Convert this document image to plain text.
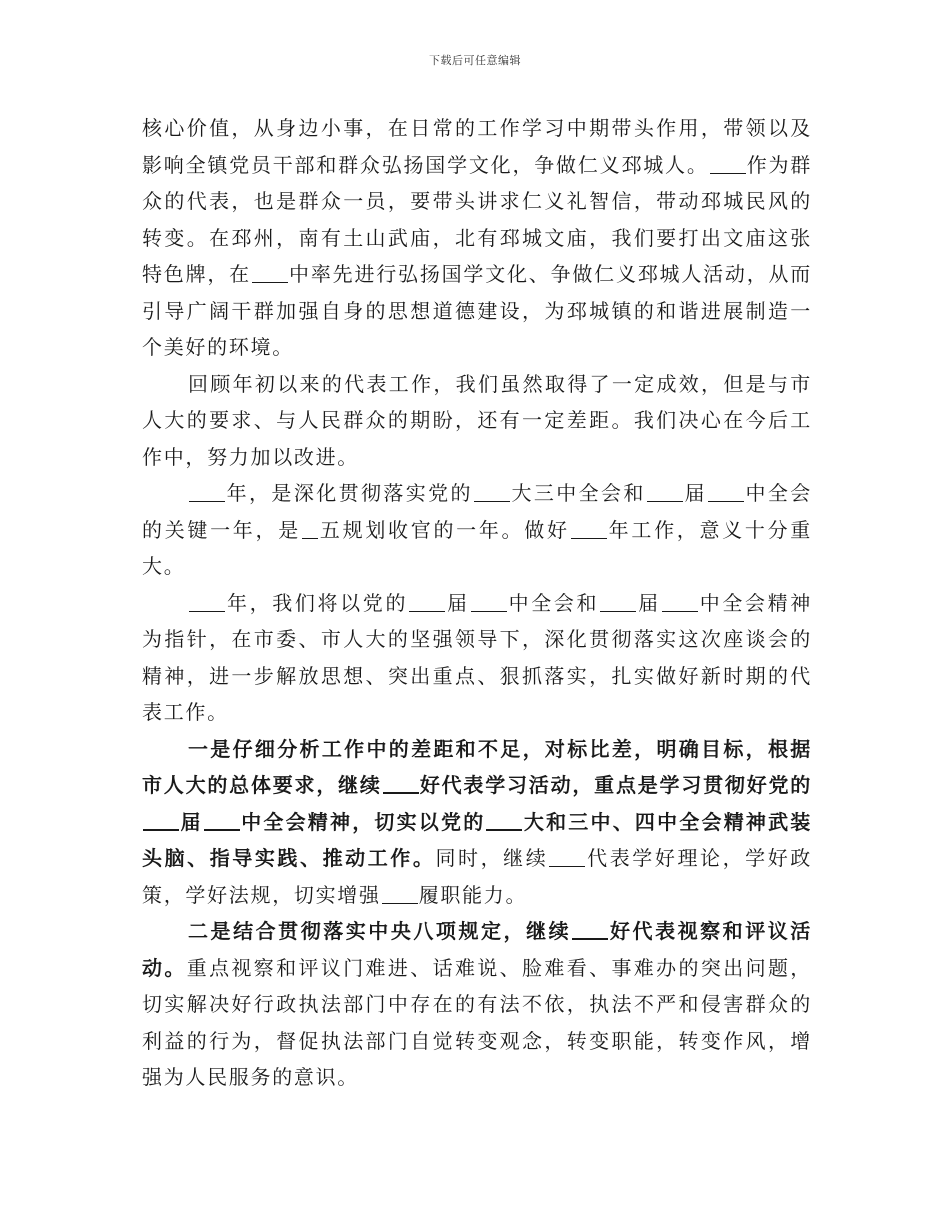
下载后可任意编辑

核心价值，从身边小事，在日常的工作学习中期带头作用，带领以及影响全镇党员干部和群众弘扬国学文化，争做仁义邳城人。 作为群众的代表，也是群众一员，要带头讲求仁义礼智信，带动邳城民风的转变。在邳州，南有土山武庙，北有邳城文庙，我们要打出文庙这张特色牌，在 中率先进行弘扬国学文化、争做仁义邳城人活动，从而引导广阔干群加强自身的思想道德建设，为邳城镇的和谐进展制造一个美好的环境。

回顾年初以来的代表工作，我们虽然取得了一定成效，但是与市人大的要求、与人民群众的期盼，还有一定差距。我们决心在今后工作中，努力加以改进。

年，是深化贯彻落实党的 大三中全会和 届 中全会的关键一年，是 五规划收官的一年。做好 年工作，意义十分重大。

年，我们将以党的 届 中全会和 届 中全会精神为指针，在市委、市人大的坚强领导下，深化贯彻落实这次座谈会的精神，进一步解放思想、突出重点、狠抓落实，扎实做好新时期的代表工作。

一是仔细分析工作中的差距和不足，对标比差，明确目标，根据市人大的总体要求，继续 好代表学习活动，重点是学习贯彻好党的届 中全会精神，切实以党的 大和三中、四中全会精神武装头脑、指导实践、推动工作。同时，继续 代表学好理论，学好政策，学好法规，切实增强 履职能力。

二是结合贯彻落实中央八项规定，继续 好代表视察和评议活动。重点视察和评议门难进、话难说、脸难看、事难办的突出问题，切实解决好行政执法部门中存在的有法不依，执法不严和侵害群众的利益的行为，督促执法部门自觉转变观念，转变职能，转变作风，增强为人民服务的意识。
